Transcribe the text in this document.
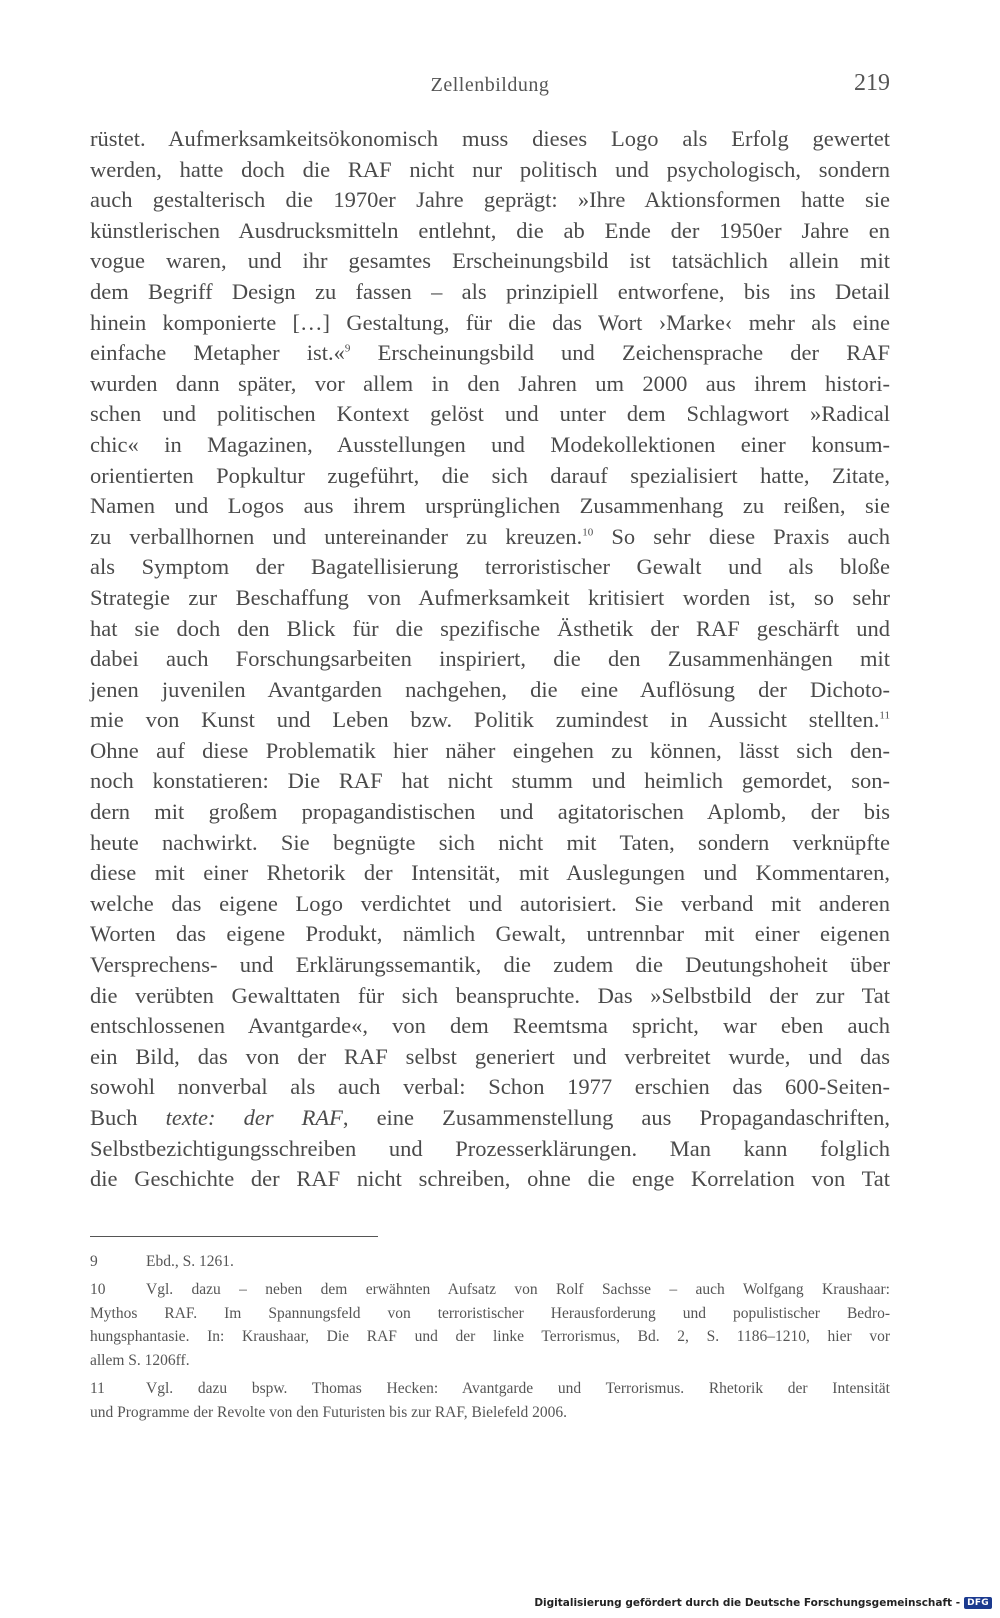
Zellenbildung	219
rüstet. Aufmerksamkeitsökonomisch muss dieses Logo als Erfolg gewertet
werden, hatte doch die RAF nicht nur politisch und psychologisch, sondern
auch gestalterisch die 1970er Jahre geprägt: »Ihre Aktionsformen hatte sie
künstlerischen Ausdrucksmitteln entlehnt, die ab Ende der 1950er Jahre en
vogue waren, und ihr gesamtes Erscheinungsbild ist tatsächlich allein mit
dem Begriff Design zu fassen – als prinzipiell entworfene, bis ins Detail
hinein komponierte […] Gestaltung, für die das Wort ›Marke‹ mehr als eine
einfache Metapher ist.«$^9$ Erscheinungsbild und Zeichensprache der RAF
wurden dann später, vor allem in den Jahren um 2000 aus ihrem histori-
schen und politischen Kontext gelöst und unter dem Schlagwort »Radical
chic« in Magazinen, Ausstellungen und Modekollektionen einer konsum-
orientierten Popkultur zugeführt, die sich darauf spezialisiert hatte, Zitate,
Namen und Logos aus ihrem ursprünglichen Zusammenhang zu reißen, sie
zu verballhornen und untereinander zu kreuzen.$^{10}$ So sehr diese Praxis auch
als Symptom der Bagatellisierung terroristischer Gewalt und als bloße
Strategie zur Beschaffung von Aufmerksamkeit kritisiert worden ist, so sehr
hat sie doch den Blick für die spezifische Ästhetik der RAF geschärft und
dabei auch Forschungsarbeiten inspiriert, die den Zusammenhängen mit
jenen juvenilen Avantgarden nachgehen, die eine Auflösung der Dichoto-
mie von Kunst und Leben bzw. Politik zumindest in Aussicht stellten.$^{11}$
Ohne auf diese Problematik hier näher eingehen zu können, lässt sich den-
noch konstatieren: Die RAF hat nicht stumm und heimlich gemordet, son-
dern mit großem propagandistischen und agitatorischen Aplomb, der bis
heute nachwirkt. Sie begnügte sich nicht mit Taten, sondern verknüpfte
diese mit einer Rhetorik der Intensität, mit Auslegungen und Kommentaren,
welche das eigene Logo verdichtet und autorisiert. Sie verband mit anderen
Worten das eigene Produkt, nämlich Gewalt, untrennbar mit einer eigenen
Versprechens- und Erklärungssemantik, die zudem die Deutungshoheit über
die verübten Gewalttaten für sich beanspruchte. Das »Selbstbild der zur Tat
entschlossenen Avantgarde«, von dem Reemtsma spricht, war eben auch
ein Bild, das von der RAF selbst generiert und verbreitet wurde, und das
sowohl nonverbal als auch verbal: Schon 1977 erschien das 600-Seiten-
Buch texte: der RAF, eine Zusammenstellung aus Propagandaschriften,
Selbstbezichtigungsschreiben und Prozesserklärungen. Man kann folglich
die Geschichte der RAF nicht schreiben, ohne die enge Korrelation von Tat
9	Ebd., S. 1261.
10	Vgl. dazu – neben dem erwähnten Aufsatz von Rolf Sachsse – auch Wolfgang Kraushaar:
Mythos RAF. Im Spannungsfeld von terroristischer Herausforderung und populistischer Bedro-
hungsphantasie. In: Kraushaar, Die RAF und der linke Terrorismus, Bd. 2, S. 1186–1210, hier vor
allem S. 1206ff.
11	Vgl. dazu bspw. Thomas Hecken: Avantgarde und Terrorismus. Rhetorik der Intensität
und Programme der Revolte von den Futuristen bis zur RAF, Bielefeld 2006.
Digitalisierung gefördert durch die Deutsche Forschungsgemeinschaft - DFG
